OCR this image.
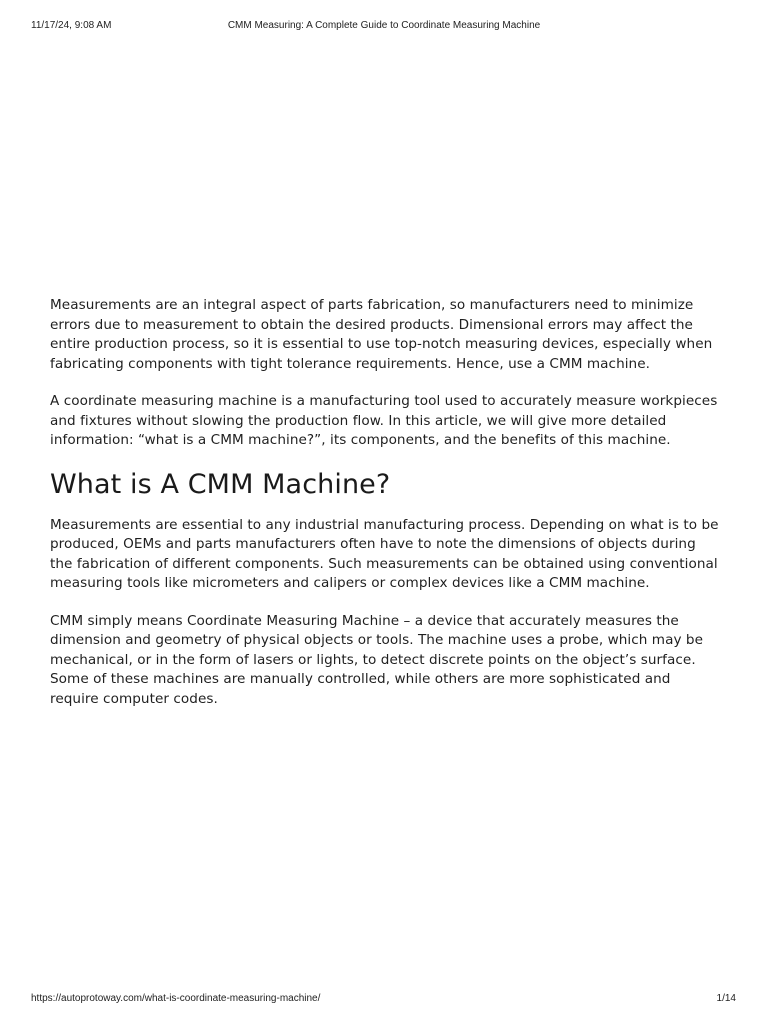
CMM Measuring: A Complete Guide to Coordinate Measuring Machine
11/17/24, 9:08 AM

Measurements are an integral aspect of parts fabrication, so manufacturers need to minimize errors due to measurement to obtain the desired products. Dimensional errors may affect the entire production process, so it is essential to use top-notch measuring devices, especially when fabricating components with tight tolerance requirements. Hence, use a CMM machine.

A coordinate measuring machine is a manufacturing tool used to accurately measure workpieces and fixtures without slowing the production flow. In this article, we will give more detailed information: “what is a CMM machine?”, its components, and the benefits of this machine.

What is A CMM Machine?

Measurements are essential to any industrial manufacturing process. Depending on what is to be produced, OEMs and parts manufacturers often have to note the dimensions of objects during the fabrication of different components. Such measurements can be obtained using conventional measuring tools like micrometers and calipers or complex devices like a CMM machine.

CMM simply means Coordinate Measuring Machine – a device that accurately measures the dimension and geometry of physical objects or tools. The machine uses a probe, which may be mechanical, or in the form of lasers or lights, to detect discrete points on the object’s surface. Some of these machines are manually controlled, while others are more sophisticated and require computer codes.

https://autoprotoway.com/what-is-coordinate-measuring-machine/	1/14
